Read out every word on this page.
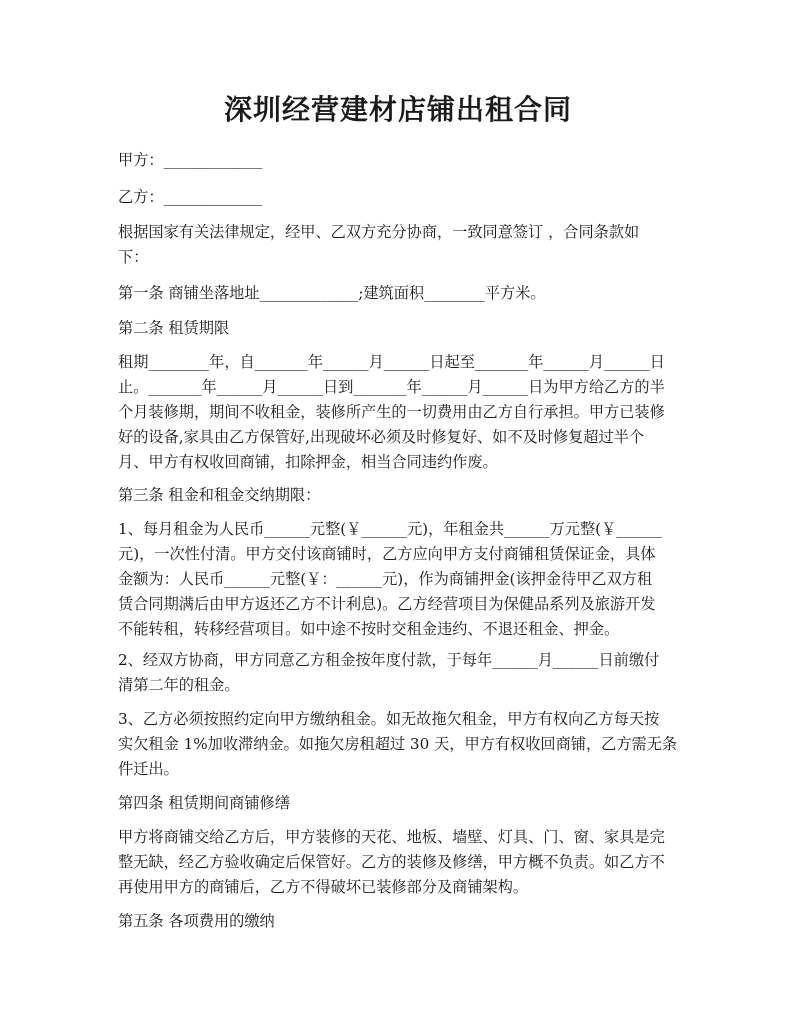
深圳经营建材店铺出租合同

甲方：_____________

乙方：_____________

根据国家有关法律规定，经甲、乙双方充分协商，一致同意签订 ，合同条款如
下：

第一条 商铺坐落地址_____________;建筑面积________平方米。

第二条 租赁期限

租期________年，自_______年______月______日起至_______年______月______日
止。_______年______月______日到_______年______月______日为甲方给乙方的半
个月装修期，期间不收租金，装修所产生的一切费用由乙方自行承担。甲方已装修
好的设备,家具由乙方保管好,出现破坏必须及时修复好、如不及时修复超过半个
月、甲方有权收回商铺，扣除押金，相当合同违约作废。

第三条 租金和租金交纳期限：

1、每月租金为人民币______元整(￥______元)，年租金共______万元整(￥______
元)，一次性付清。甲方交付该商铺时，乙方应向甲方支付商铺租赁保证金，具体
金额为：人民币______元整(￥：______元)，作为商铺押金(该押金待甲乙双方租
赁合同期满后由甲方返还乙方不计利息)。乙方经营项目为保健品系列及旅游开发
不能转租，转移经营项目。如中途不按时交租金违约、不退还租金、押金。

2、经双方协商，甲方同意乙方租金按年度付款，于每年______月______日前缴付
清第二年的租金。

3、乙方必须按照约定向甲方缴纳租金。如无故拖欠租金，甲方有权向乙方每天按
实欠租金 1%加收滞纳金。如拖欠房租超过 30 天，甲方有权收回商铺，乙方需无条
件迁出。

第四条 租赁期间商铺修缮

甲方将商铺交给乙方后，甲方装修的天花、地板、墙壁、灯具、门、窗、家具是完
整无缺，经乙方验收确定后保管好。乙方的装修及修缮，甲方概不负责。如乙方不
再使用甲方的商铺后，乙方不得破坏已装修部分及商铺架构。

第五条 各项费用的缴纳
